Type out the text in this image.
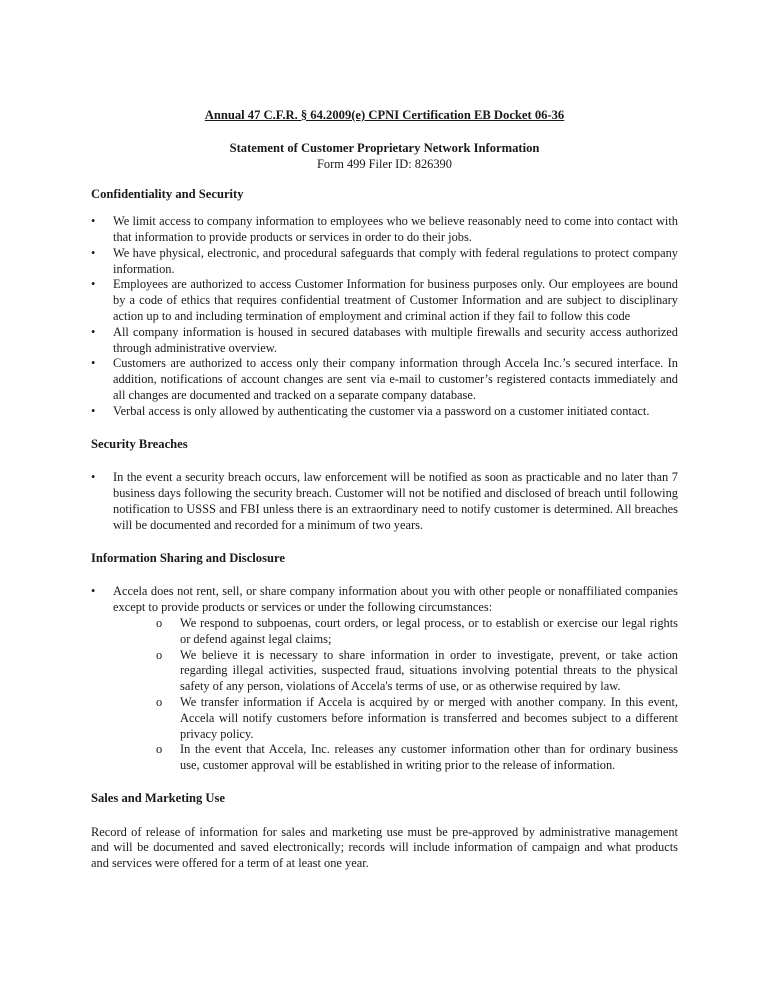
Annual 47 C.F.R. § 64.2009(e) CPNI Certification EB Docket 06-36

Statement of Customer Proprietary Network Information

Form 499 Filer ID: 826390

Confidentiality and Security

•	We limit access to company information to employees who we believe reasonably need to come into contact with that information to provide products or services in order to do their jobs.
•	We have physical, electronic, and procedural safeguards that comply with federal regulations to protect company information.
•	Employees are authorized to access Customer Information for business purposes only. Our employees are bound by a code of ethics that requires confidential treatment of Customer Information and are subject to disciplinary action up to and including termination of employment and criminal action if they fail to follow this code
•	All company information is housed in secured databases with multiple firewalls and security access authorized through administrative overview.
•	Customers are authorized to access only their company information through Accela Inc.’s secured interface. In addition, notifications of account changes are sent via e-mail to customer’s registered contacts immediately and all changes are documented and tracked on a separate company database.
•	Verbal access is only allowed by authenticating the customer via a password on a customer initiated contact.

Security Breaches

•	In the event a security breach occurs, law enforcement will be notified as soon as practicable and no later than 7 business days following the security breach. Customer will not be notified and disclosed of breach until following notification to USSS and FBI unless there is an extraordinary need to notify customer is determined. All breaches will be documented and recorded for a minimum of two years.

Information Sharing and Disclosure

•	Accela does not rent, sell, or share company information about you with other people or nonaffiliated companies except to provide products or services or under the following circumstances:
o We respond to subpoenas, court orders, or legal process, or to establish or exercise our legal rights or defend against legal claims;
o We believe it is necessary to share information in order to investigate, prevent, or take action regarding illegal activities, suspected fraud, situations involving potential threats to the physical safety of any person, violations of Accela's terms of use, or as otherwise required by law.
o We transfer information if Accela is acquired by or merged with another company. In this event, Accela will notify customers before information is transferred and becomes subject to a different privacy policy.
o In the event that Accela, Inc. releases any customer information other than for ordinary business use, customer approval will be established in writing prior to the release of information.

Sales and Marketing Use

Record of release of information for sales and marketing use must be pre-approved by administrative management and will be documented and saved electronically; records will include information of campaign and what products and services were offered for a term of at least one year.
